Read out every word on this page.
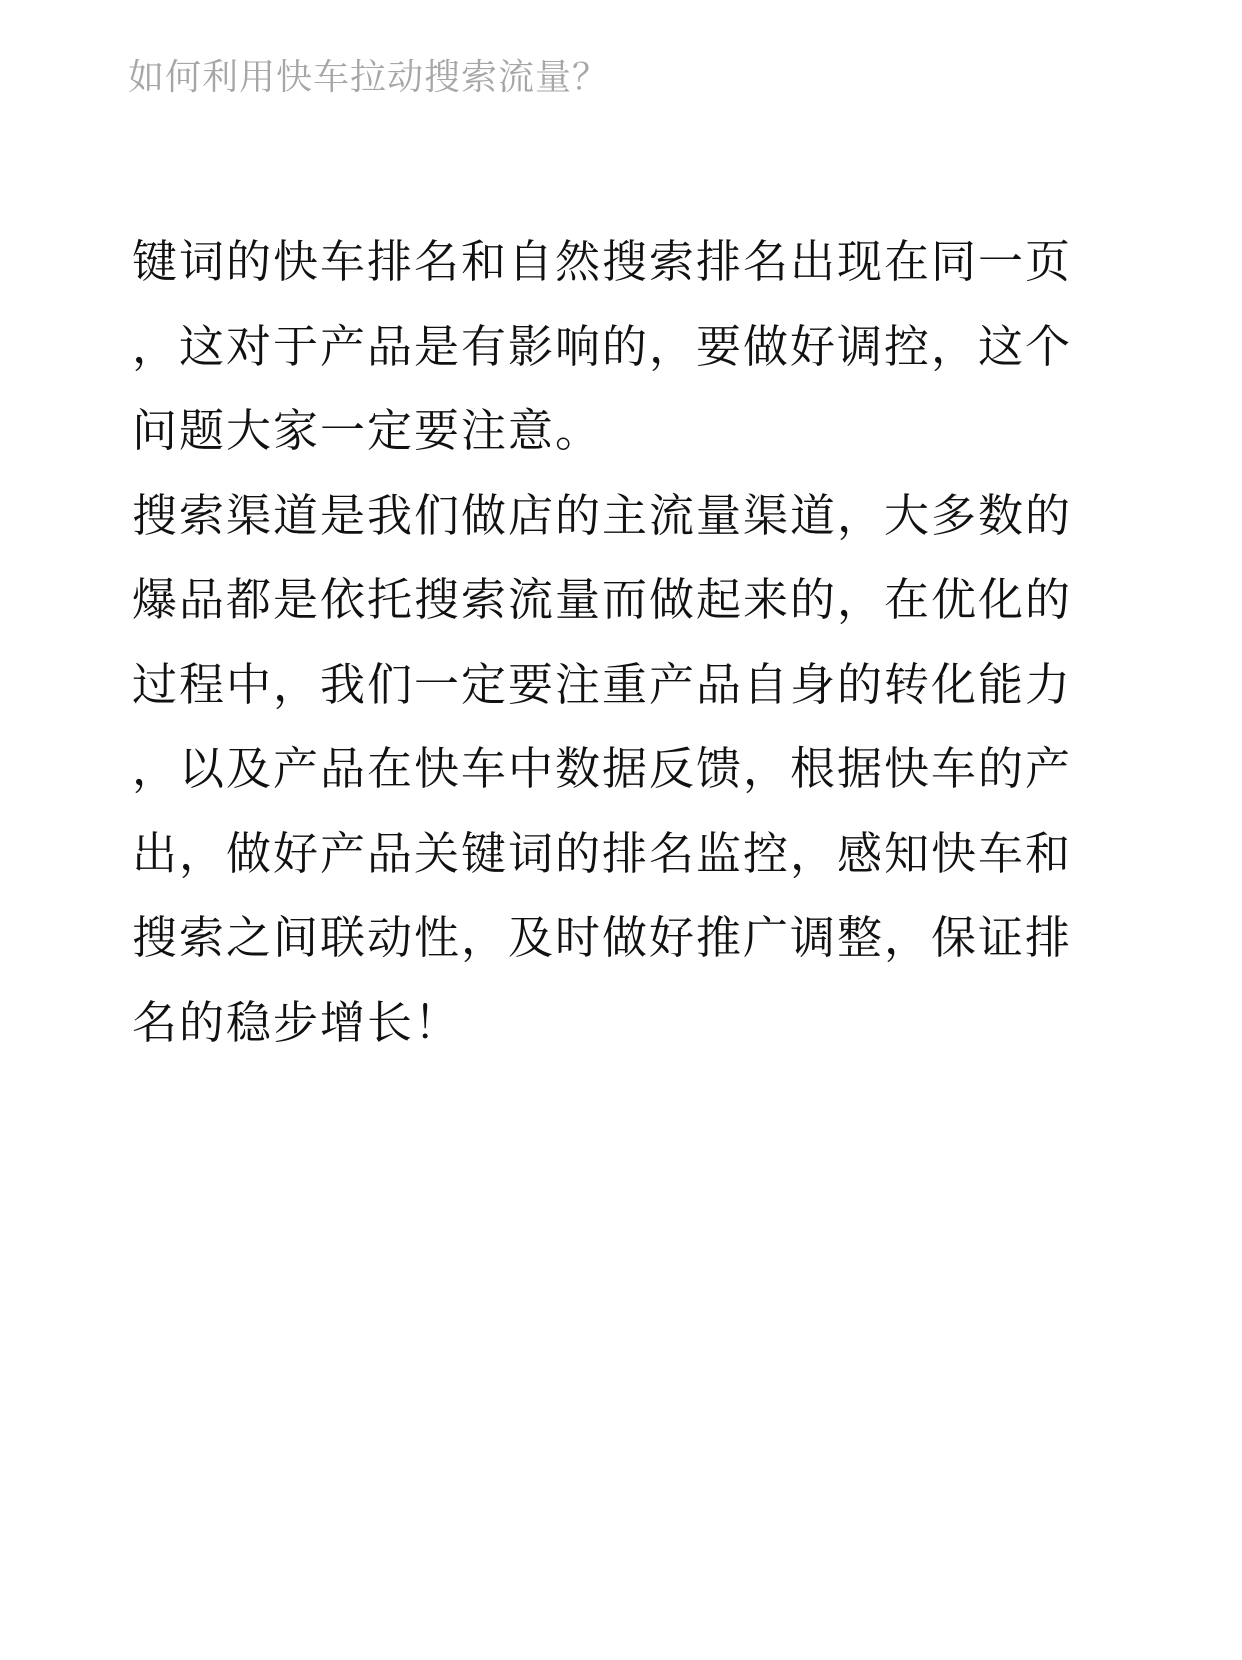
如何利用快车拉动搜索流量？
键词的快车排名和自然搜索排名出现在同一页
，这对于产品是有影响的，要做好调控，这个
问题大家一定要注意。
搜索渠道是我们做店的主流量渠道，大多数的
爆品都是依托搜索流量而做起来的，在优化的
过程中，我们一定要注重产品自身的转化能力
，以及产品在快车中数据反馈，根据快车的产
出，做好产品关键词的排名监控，感知快车和
搜索之间联动性，及时做好推广调整，保证排
名的稳步增长！
